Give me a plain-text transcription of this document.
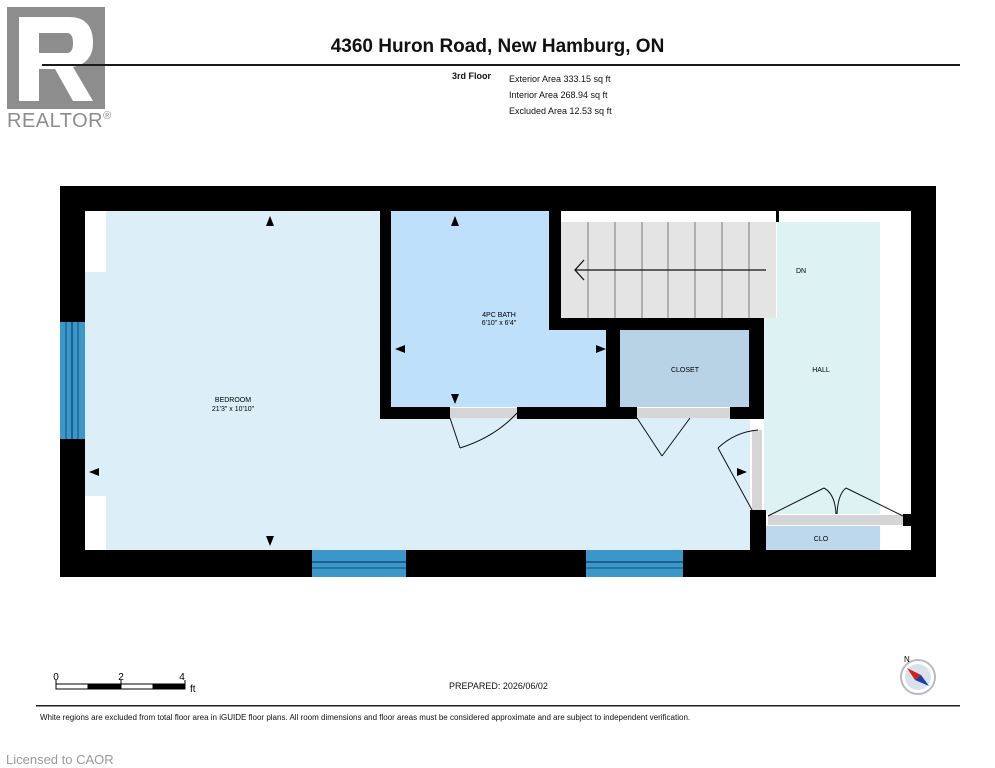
REALTOR®
4360 Huron Road, New Hamburg, ON
3rd Floor Exterior Area 333.15 sq ft
Interior Area 268.94 sq ft
Excluded Area 12.53 sq ft
BEDROOM
21'3" x 10'10"
4PC BATH
6'10" x 6'4"
CLOSET	HALL
CLO
DN
0	2	4
ft
N
PREPARED: 2026/06/02
White regions are excluded from total floor area in iGUIDE floor plans. All room dimensions and floor areas must be considered approximate and are subject to independent verification.
Licensed to CAOR
